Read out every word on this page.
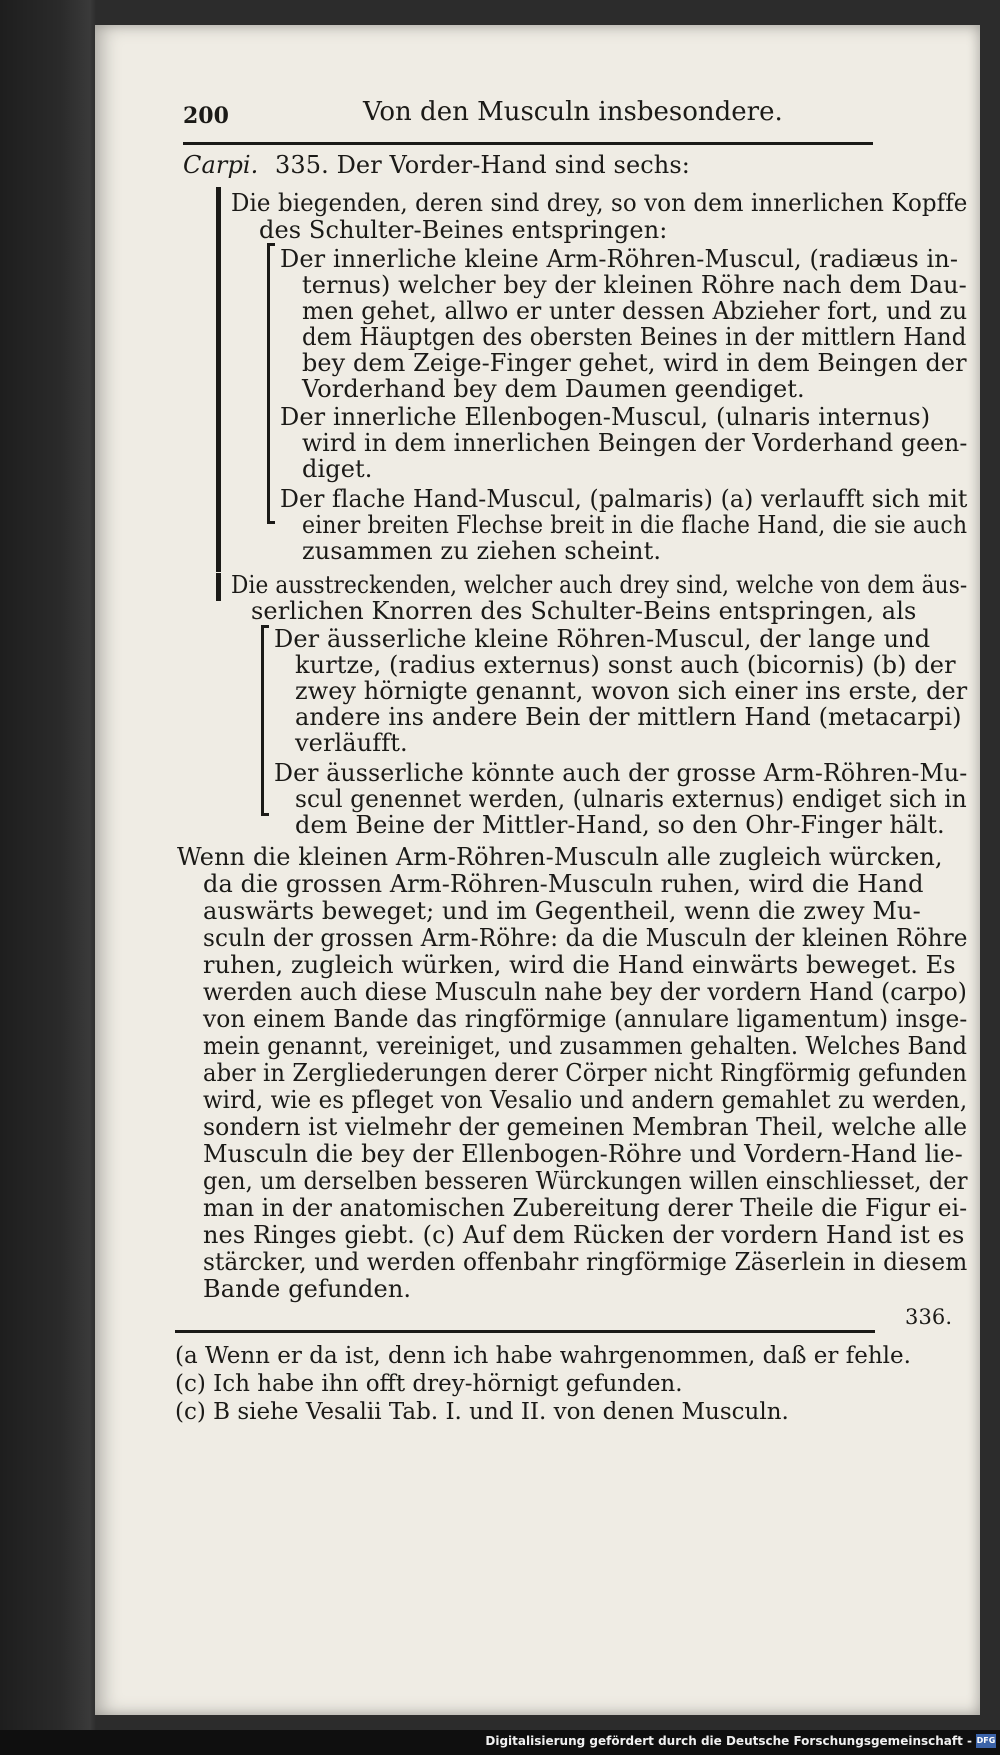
200	Von den Musculn insbesondere.
Carpi. 335. Der Vorder-Hand sind sechs:
Die biegenden, deren sind drey, so von dem innerlichen Kopffe
des Schulter-Beines entspringen:
Der innerliche kleine Arm-Röhren-Muscul, (radiæus in-
ternus) welcher bey der kleinen Röhre nach dem Dau-
men gehet, allwo er unter dessen Abzieher fort, und zu
dem Häuptgen des obersten Beines in der mittlern Hand
bey dem Zeige-Finger gehet, wird in dem Beingen der
Vorderhand bey dem Daumen geendiget.
Der innerliche Ellenbogen-Muscul, (ulnaris internus)
wird in dem innerlichen Beingen der Vorderhand geen-
diget.
Der flache Hand-Muscul, (palmaris) (a) verlaufft sich mit
einer breiten Flechse breit in die flache Hand, die sie auch
zusammen zu ziehen scheint.
Die ausstreckenden, welcher auch drey sind, welche von dem äus-
serlichen Knorren des Schulter-Beins entspringen, als
Der äusserliche kleine Röhren-Muscul, der lange und
kurtze, (radius externus) sonst auch (bicornis) (b) der
zwey hörnigte genannt, wovon sich einer ins erste, der
andere ins andere Bein der mittlern Hand (metacarpi)
verläufft.
Der äusserliche könnte auch der grosse Arm-Röhren-Mu-
scul genennet werden, (ulnaris externus) endiget sich in
dem Beine der Mittler-Hand, so den Ohr-Finger hält.
Wenn die kleinen Arm-Röhren-Musculn alle zugleich würcken,
da die grossen Arm-Röhren-Musculn ruhen, wird die Hand
auswärts beweget; und im Gegentheil, wenn die zwey Mu-
sculn der grossen Arm-Röhre: da die Musculn der kleinen Röhre
ruhen, zugleich würken, wird die Hand einwärts beweget. Es
werden auch diese Musculn nahe bey der vordern Hand (carpo)
von einem Bande das ringförmige (annulare ligamentum) insge-
mein genannt, vereiniget, und zusammen gehalten. Welches Band
aber in Zergliederungen derer Cörper nicht Ringförmig gefunden
wird, wie es pfleget von Vesalio und andern gemahlet zu werden,
sondern ist vielmehr der gemeinen Membran Theil, welche alle
Musculn die bey der Ellenbogen-Röhre und Vordern-Hand lie-
gen, um derselben besseren Würckungen willen einschliesset, der
man in der anatomischen Zubereitung derer Theile die Figur ei-
nes Ringes giebt. (c) Auf dem Rücken der vordern Hand ist es
stärcker, und werden offenbahr ringförmige Zäserlein in diesem
Bande gefunden.
336.
(a Wenn er da ist, denn ich habe wahrgenommen, daß er fehle.
(c) Ich habe ihn offt drey-hörnigt gefunden.
(c) B siehe Vesalii Tab. I. und II. von denen Musculn.
Digitalisierung gefördert durch die Deutsche Forschungsgemeinschaft - DFG
